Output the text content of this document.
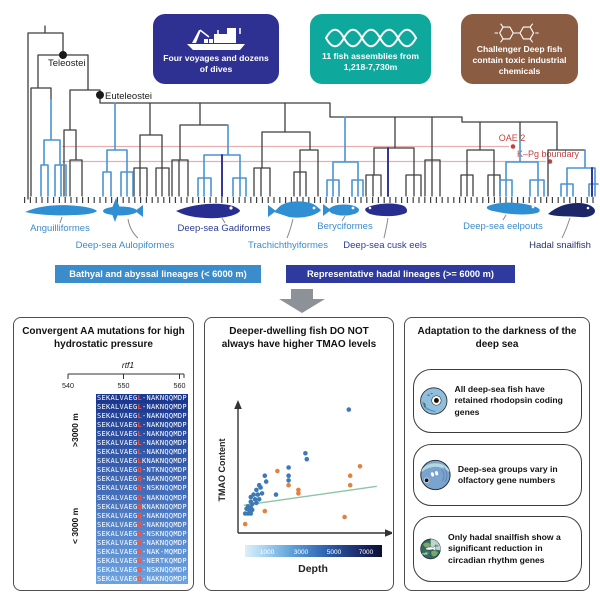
OAE 2
K–Pg boundary
Teleostei
Euteleostei
Anguilliformes
Deep-sea Aulopiformes
Deep-sea Gadiformes
Trachichthyiformes
Beryciformes
Deep-sea cusk eels
Deep-sea eelpouts
Hadal snailfish
Four voyages and dozens of dives
11 fish assemblies from 1,218-7,730m
Challenger Deep fish contain toxic industrial chemicals
Bathyal and abyssal lineages (< 6000 m)	Representative hadal lineages (>= 6000 m)
Convergent AA mutations for high hydrostatic pressure
rtf1
540	550	560
>3000 m
< 3000 m
SEKALVAEGL-NAKNQQMDP
SEKALVAEGL-NAKNQQMDP
SEKALVAEGL-NAKNQQMDP
SEKALVAEGL-NAKNQQMDP
SEKALVAEGL-NAKNQQMDP
SEKALVAEGL-NAKNQQMDP
SEKALVAEGL-NAKNQQMDP
SEKALVAEGLKNAKNQQMDP
SEKALVAEGQ-NTKNQQMDP
SEKALVAEGQ-NAKNQQMDP
SEKALVAEGQ-NSKNQQMDP
SEKALVAEGQ-NAKNQQMDP
SEKALVAEGQKNAKNQQMDP
SEKALVAEGQ-NAKNQQMDP
SEKALVAEGQ-NAKNQQMDP
SEKALVAEGQ-NSKNQQMDP
SEKALVAEGQ-NAKNQQMDP
SEKALVAEGQ-NAK-MQMDP
SEKALVAEGQ-NERTKQMDP
SEKALVAEGQ-NSKNQQMDP
SEKALVAEGQ-NAKNQQMDP
Deeper-dwelling fish DO NOT always have higher TMAO levels
TMAO Content
1000	3000	5000	7000
Depth
Adaptation to the darkness of the deep sea
All deep-sea fish have retained rhodopsin coding genes
Deep-sea groups vary in olfactory gene numbers
day
night
Only hadal snailfish show a significant reduction in circadian rhythm genes
